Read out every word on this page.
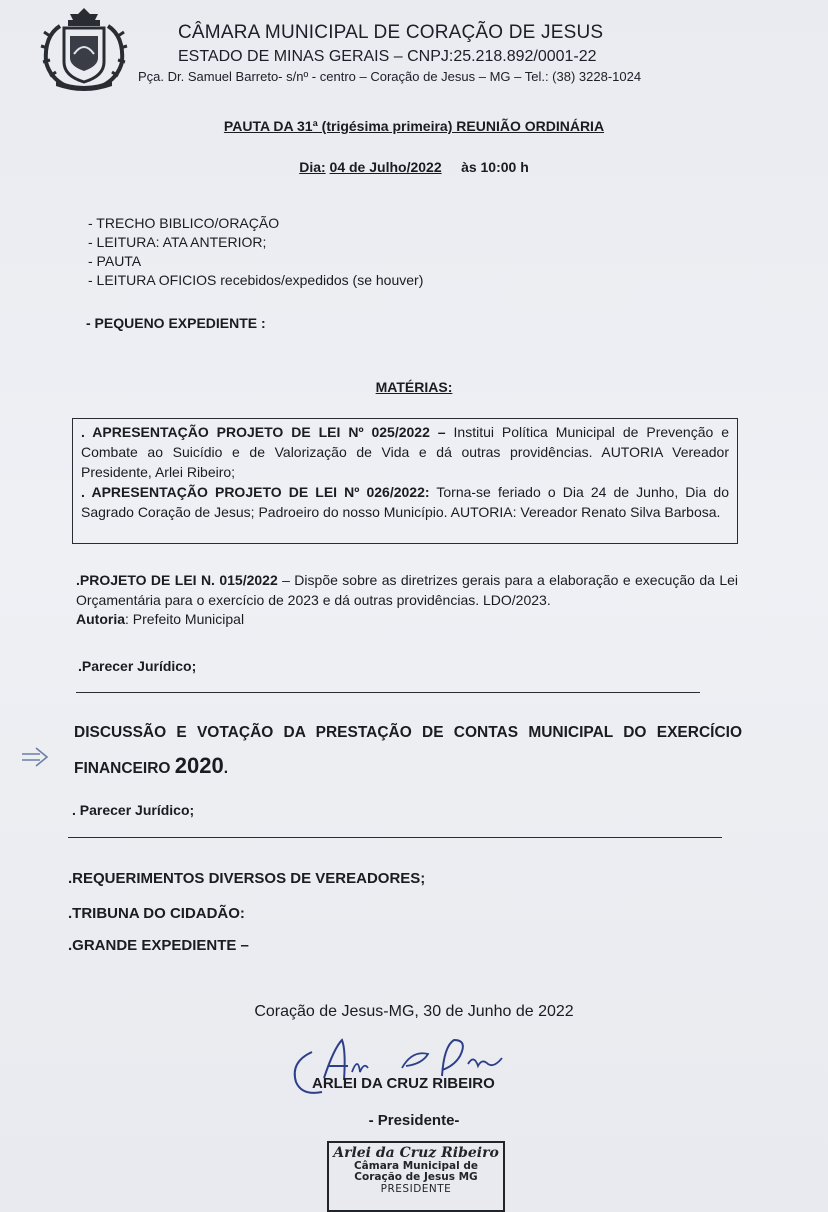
CÂMARA MUNICIPAL DE CORAÇÃO DE JESUS
ESTADO DE MINAS GERAIS – CNPJ:25.218.892/0001-22
Pça. Dr. Samuel Barreto- s/nº - centro – Coração de Jesus – MG – Tel.: (38) 3228-1024
PAUTA DA 31ª (trigésima primeira) REUNIÃO ORDINÁRIA
Dia: 04 de Julho/2022 às 10:00 h
- TRECHO BIBLICO/ORAÇÃO
- LEITURA: ATA ANTERIOR;
- PAUTA
- LEITURA OFICIOS recebidos/expedidos (se houver)
- PEQUENO EXPEDIENTE :
MATÉRIAS:

. APRESENTAÇÃO PROJETO DE LEI Nº 025/2022 – Institui Política Municipal de Prevenção e Combate ao Suicídio e de Valorização de Vida e dá outras providências. AUTORIA Vereador Presidente, Arlei Ribeiro;

. APRESENTAÇÃO PROJETO DE LEI Nº 026/2022: Torna-se feriado o Dia 24 de Junho, Dia do Sagrado Coração de Jesus; Padroeiro do nosso Município. AUTORIA: Vereador Renato Silva Barbosa.

.PROJETO DE LEI N. 015/2022 – Dispõe sobre as diretrizes gerais para a elaboração e execução da Lei Orçamentária para o exercício de 2023 e dá outras providências. LDO/2023.
Autoria: Prefeito Municipal
.Parecer Jurídico;
DISCUSSÃO E VOTAÇÃO DA PRESTAÇÃO DE CONTAS MUNICIPAL DO EXERCÍCIO FINANCEIRO 2020.
. Parecer Jurídico;
.REQUERIMENTOS DIVERSOS DE VEREADORES;
.TRIBUNA DO CIDADÃO:
.GRANDE EXPEDIENTE –
Coração de Jesus-MG, 30 de Junho de 2022
ARLEI DA CRUZ RIBEIRO
- Presidente-
Arlei da Cruz Ribeiro
Câmara Municipal de
Coração de Jesus MG
PRESIDENTE
